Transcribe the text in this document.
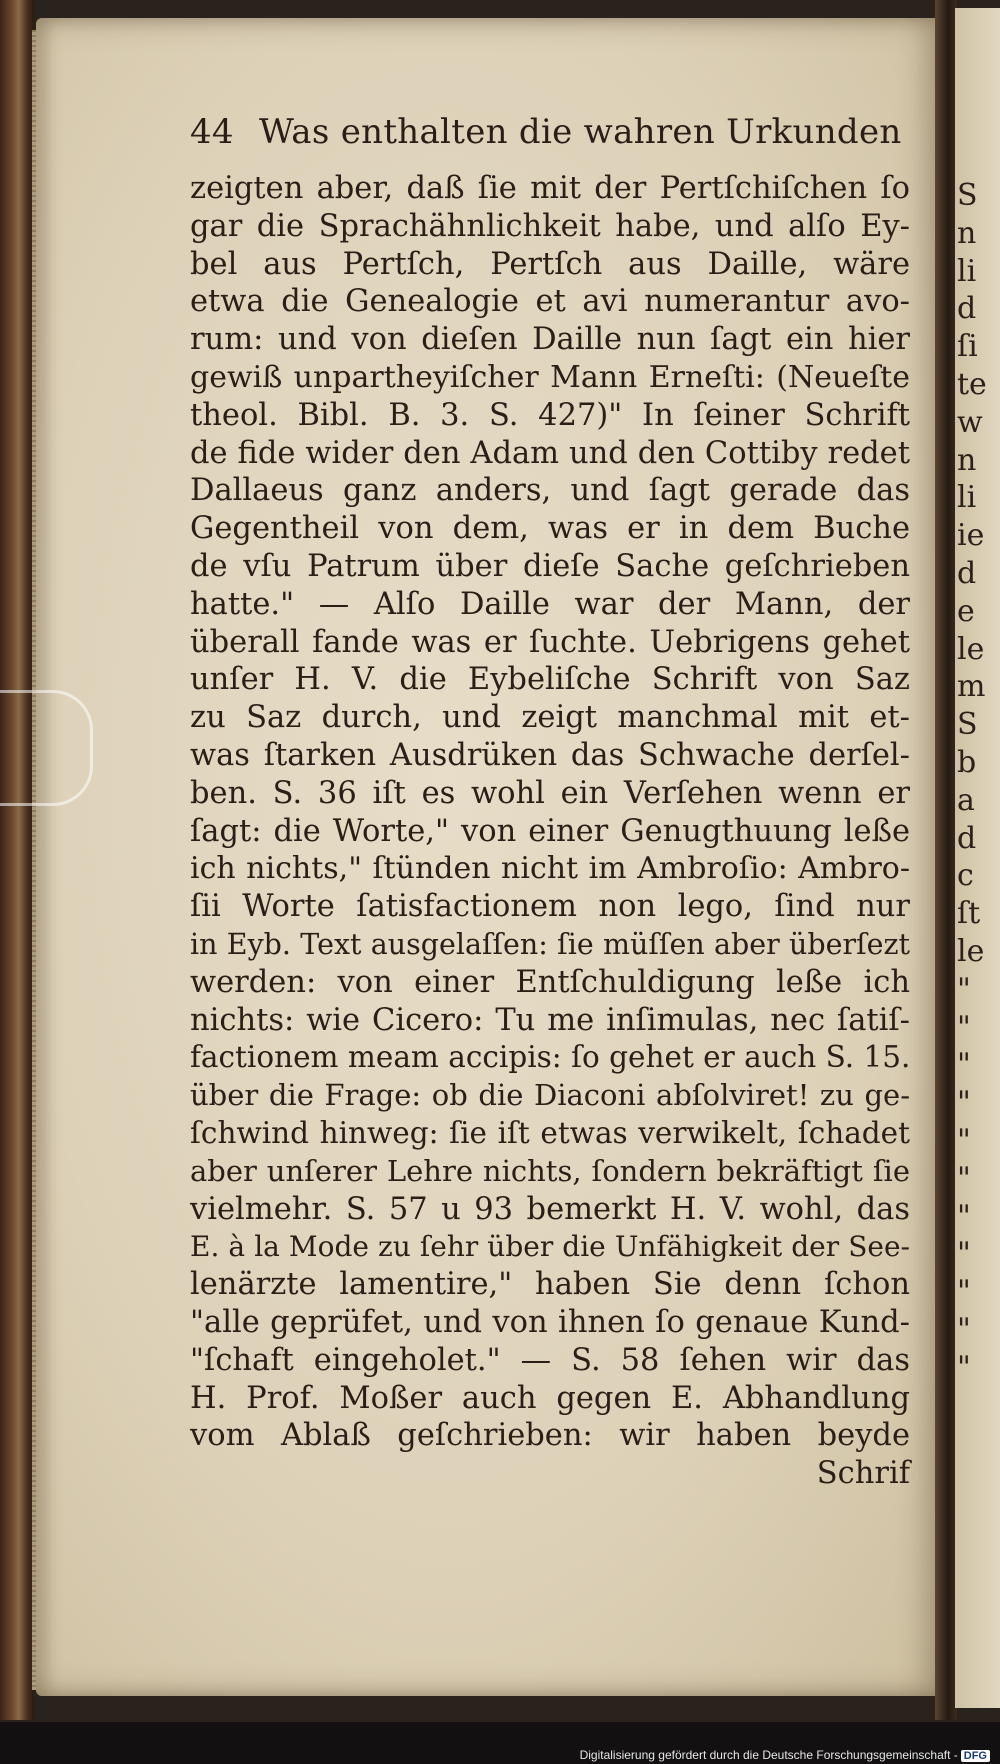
S
n
li
d
ſi
te
w
n
li
ie
d
e
le
m
S
b
a
d
c
ſt
le
"
"
"
"
"
"
"
"
"
"
"
44 Was enthalten die wahren Urkunden
zeigten aber, daß ſie mit der Pertſchiſchen ſo
gar die Sprachähnlichkeit habe, und alſo Ey-
bel aus Pertſch, Pertſch aus Daille, wäre
etwa die Genealogie et avi numerantur avo-
rum: und von dieſen Daille nun ſagt ein hier
gewiß unpartheyiſcher Mann Erneſti: (Neueſte
theol. Bibl. B. 3. S. 427)" In ſeiner Schrift
de fide wider den Adam und den Cottiby redet
Dallaeus ganz anders, und ſagt gerade das
Gegentheil von dem, was er in dem Buche
de vſu Patrum über dieſe Sache geſchrieben
hatte." — Alſo Daille war der Mann, der
überall fande was er ſuchte. Uebrigens gehet
unſer H. V. die Eybeliſche Schrift von Saz
zu Saz durch, und zeigt manchmal mit et-
was ſtarken Ausdrüken das Schwache derſel-
ben. S. 36 iſt es wohl ein Verſehen wenn er
ſagt: die Worte," von einer Genugthuung leße
ich nichts," ſtünden nicht im Ambroſio: Ambro-
ſii Worte ſatisfactionem non lego, ſind nur
in Eyb. Text ausgelaſſen: ſie müſſen aber überſezt
werden: von einer Entſchuldigung leße ich
nichts: wie Cicero: Tu me inſimulas, nec ſatiſ-
factionem meam accipis: ſo gehet er auch S. 15.
über die Frage: ob die Diaconi abſolviret! zu ge-
ſchwind hinweg: ſie iſt etwas verwikelt, ſchadet
aber unſerer Lehre nichts, ſondern bekräftigt ſie
vielmehr. S. 57 u 93 bemerkt H. V. wohl, das
E. à la Mode zu ſehr über die Unfähigkeit der See-
lenärzte lamentire," haben Sie denn ſchon
"alle geprüfet, und von ihnen ſo genaue Kund-
"ſchaft eingeholet." — S. 58 ſehen wir das
H. Prof. Moßer auch gegen E. Abhandlung
vom Ablaß geſchrieben: wir haben beyde
Schrif
Digitalisierung gefördert durch die Deutsche Forschungsgemeinschaft - DFG
